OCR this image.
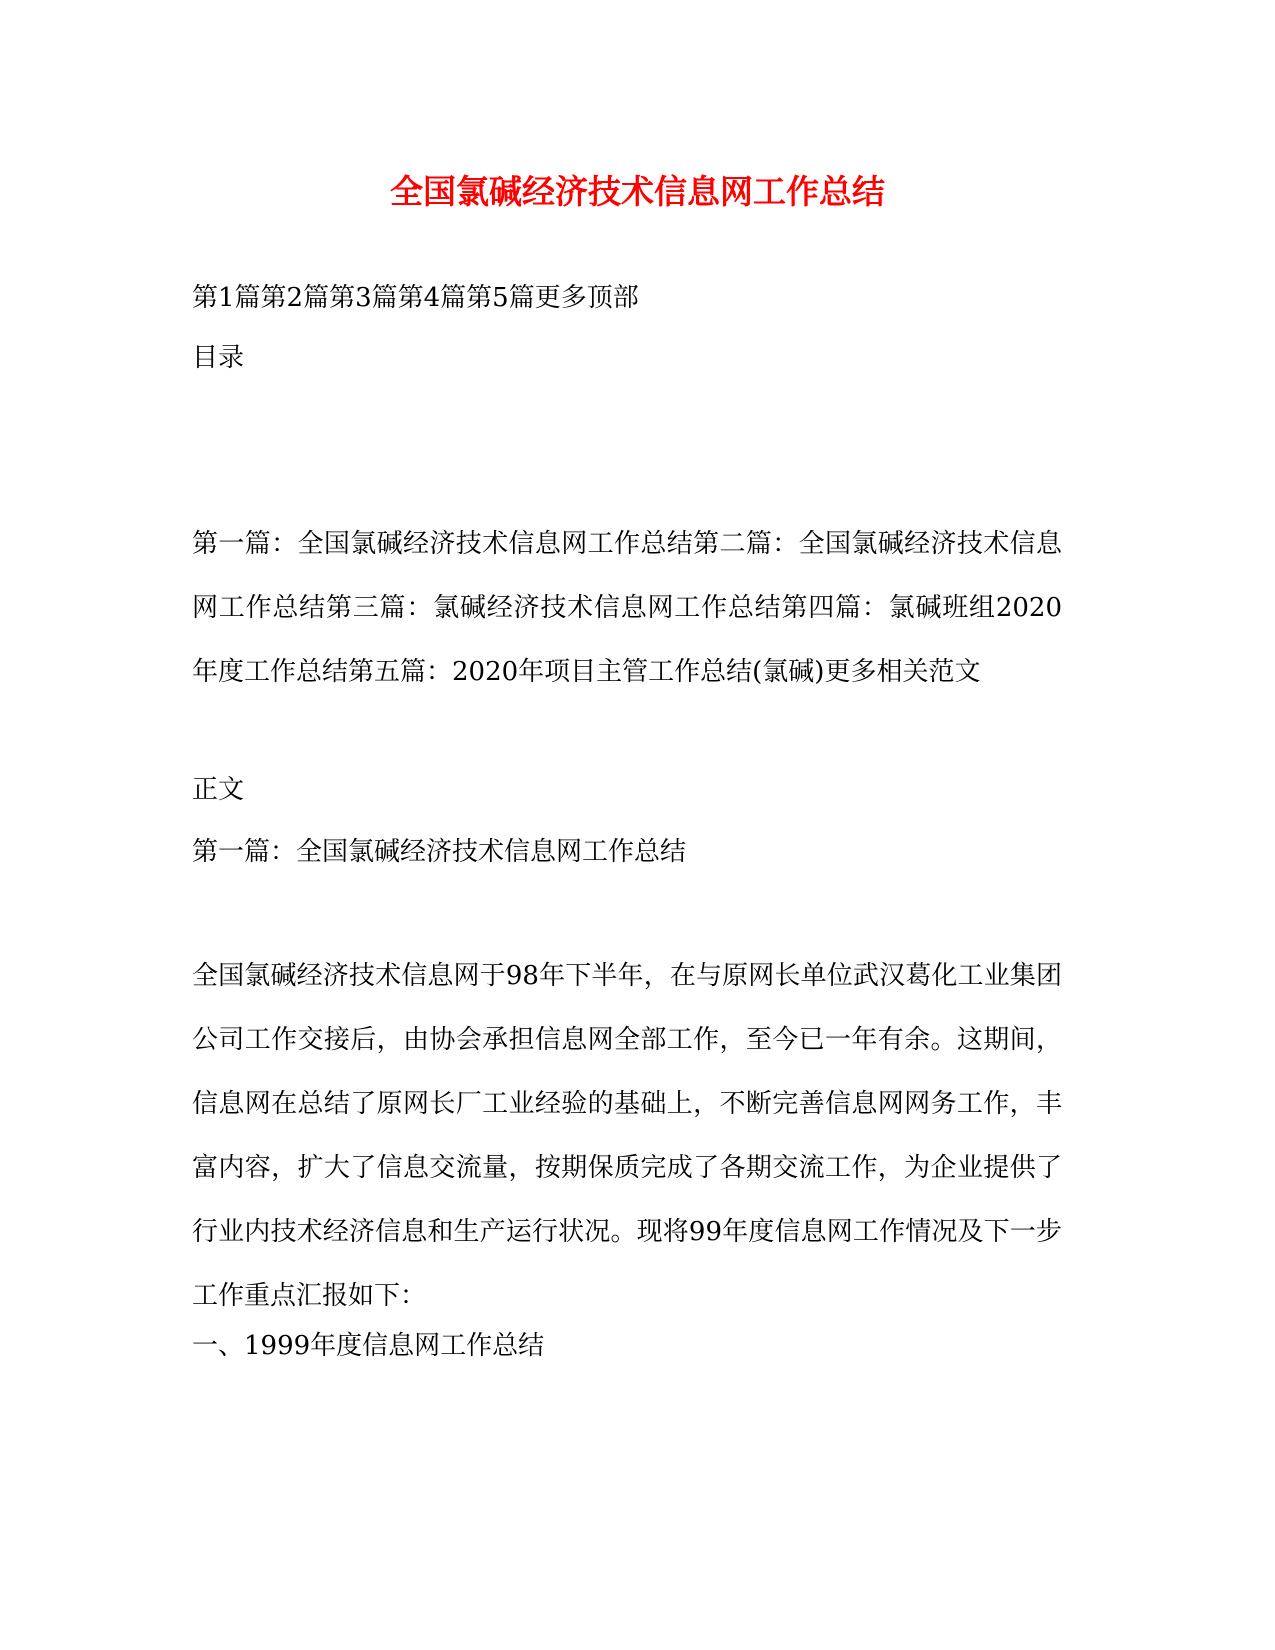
全国氯碱经济技术信息网工作总结
第1篇第2篇第3篇第4篇第5篇更多顶部
目录
第一篇：全国氯碱经济技术信息网工作总结第二篇：全国氯碱经济技术信息网工作总结第三篇：氯碱经济技术信息网工作总结第四篇：氯碱班组2020年度工作总结第五篇：2020年项目主管工作总结(氯碱)更多相关范文
正文
第一篇：全国氯碱经济技术信息网工作总结
全国氯碱经济技术信息网于98年下半年，在与原网长单位武汉葛化工业集团公司工作交接后，由协会承担信息网全部工作，至今已一年有余。这期间，信息网在总结了原网长厂工业经验的基础上，不断完善信息网网务工作，丰富内容，扩大了信息交流量，按期保质完成了各期交流工作，为企业提供了行业内技术经济信息和生产运行状况。现将99年度信息网工作情况及下一步工作重点汇报如下：
一、1999年度信息网工作总结
